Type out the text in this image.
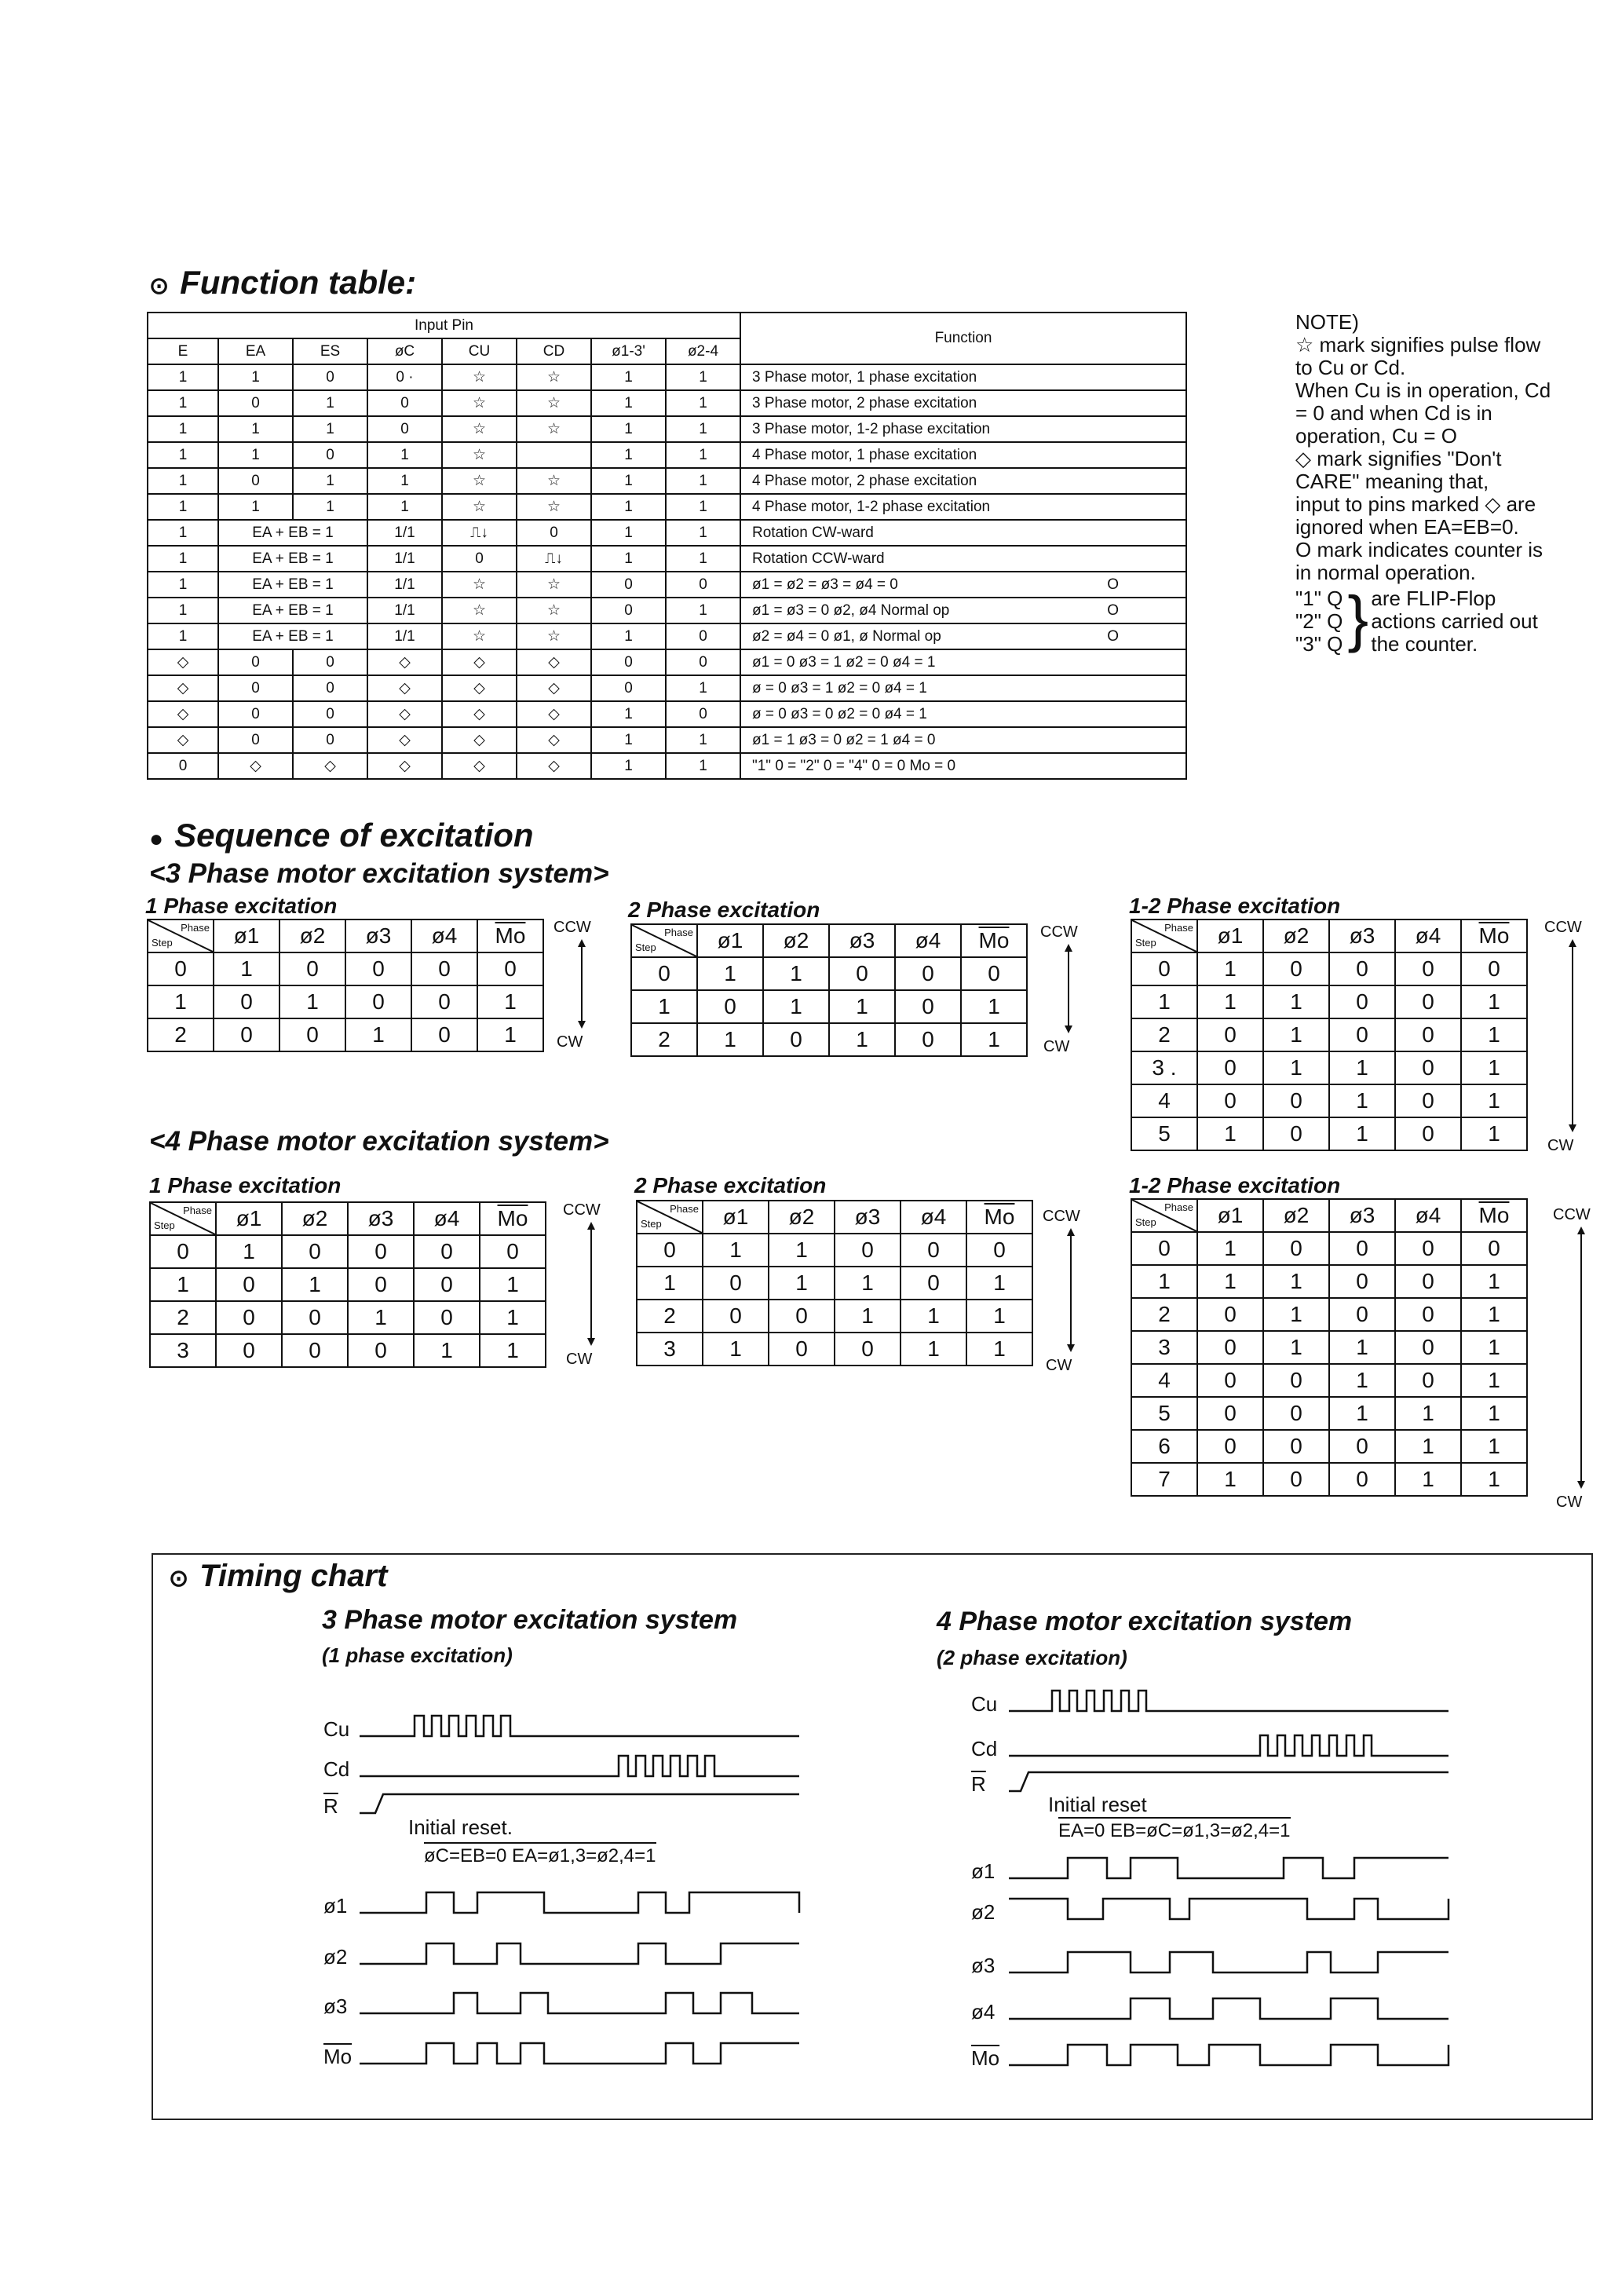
⊙ Function table:
Input Pin								Function
E	EA	ES	øC	CU	CD	ø1-3'	ø2-4	
1	1	0	0 ·	☆	☆	1	1	3 Phase motor, 1 phase excitation
1	0	1	0	☆	☆	1	1	3 Phase motor, 2 phase excitation
1	1	1	0	☆	☆	1	1	3 Phase motor, 1-2 phase excitation
1	1	0	1	☆		1	1	4 Phase motor, 1 phase excitation
1	0	1	1	☆	☆	1	1	4 Phase motor, 2 phase excitation
1	1	1	1	☆	☆	1	1	4 Phase motor, 1-2 phase excitation
1	EA + EB = 1		1/1	⎍↓	0	1	1	Rotation CW-ward
1	EA + EB = 1		1/1	0	⎍↓	1	1	Rotation CCW-ward
1	EA + EB = 1		1/1	☆	☆	0	0	ø1 = ø2 = ø3 = ø4 = 0 O

1	EA + EB = 1		1/1	☆	☆	0	1	ø1 = ø3 = 0 ø2, ø4 Normal op O

1	EA + EB = 1		1/1	☆	☆	1	0	ø2 = ø4 = 0 ø1, ø Normal op O

◇	0	0	◇	◇	◇	0	0	ø1 = 0 ø3 = 1 ø2 = 0 ø4 = 1
◇	0	0	◇	◇	◇	0	1	ø = 0 ø3 = 1 ø2 = 0 ø4 = 1
◇	0	0	◇	◇	◇	1	0	ø = 0 ø3 = 0 ø2 = 0 ø4 = 1
◇	0	0	◇	◇	◇	1	1	ø1 = 1 ø3 = 0 ø2 = 1 ø4 = 0
0	◇	◇	◇	◇	◇	1	1	"1" 0 = "2" 0 = "4" 0 = 0 Mo = 0
NOTE)
☆ mark signifies pulse flow
to Cu or Cd.
When Cu is in operation, Cd
= 0 and when Cd is in
operation, Cu = O
◇ mark signifies "Don't
CARE" meaning that,
input to pins marked ◇ are
ignored when EA=EB=0.
O mark indicates counter is
in normal operation.
"1" Q
"2" Q
"3" Q } are FLIP-Flop
actions carried out
the counter.
● Sequence of excitation
<3 Phase motor excitation system>
<4 Phase motor excitation system>
1 Phase excitation
Phase
Step	ø1	ø2	ø3	ø4	$\overline{Mo}$
0	1	0	0	0	0
1	0	1	0	0	1
2	0	0	1	0	1
CCW
CW
2 Phase excitation
Phase
Step	ø1	ø2	ø3	ø4	$\overline{Mo}$
0	1	1	0	0	0
1	0	1	1	0	1
2	1	0	1	0	1
CCW
CW
1-2 Phase excitation
Phase
Step	ø1	ø2	ø3	ø4	$\overline{Mo}$
0	1	0	0	0	0
1	1	1	0	0	1
2	0	1	0	0	1
3 .	0	1	1	0	1
4	0	0	1	0	1
5	1	0	1	0	1
CCW
CW
1 Phase excitation
Phase
Step	ø1	ø2	ø3	ø4	$\overline{Mo}$
0	1	0	0	0	0
1	0	1	0	0	1
2	0	0	1	0	1
3	0	0	0	1	1
CCW
CW
2 Phase excitation
Phase
Step	ø1	ø2	ø3	ø4	$\overline{Mo}$
0	1	1	0	0	0
1	0	1	1	0	1
2	0	0	1	1	1
3	1	0	0	1	1
CCW
CW
1-2 Phase excitation
Phase
Step	ø1	ø2	ø3	ø4	$\overline{Mo}$
0	1	0	0	0	0
1	1	1	0	0	1
2	0	1	0	0	1
3	0	1	1	0	1
4	0	0	1	0	1
5	0	0	1	1	1
6	0	0	0	1	1
7	1	0	0	1	1
CCW
CW
⊙ Timing chart
3 Phase motor excitation system
(1 phase excitation)
4 Phase motor excitation system
(2 phase excitation)
Cu
Cd
$\overline{R}$
ø1
ø2
ø3
$\overline{Mo}$
Initial reset.
øC=EB=0 EA=ø1,3=ø2,4=1
Cu
Cd
$\overline{R}$
ø1
ø2
ø3
ø4
$\overline{Mo}$
Initial reset
EA=0 EB=øC=ø1,3=ø2,4=1
